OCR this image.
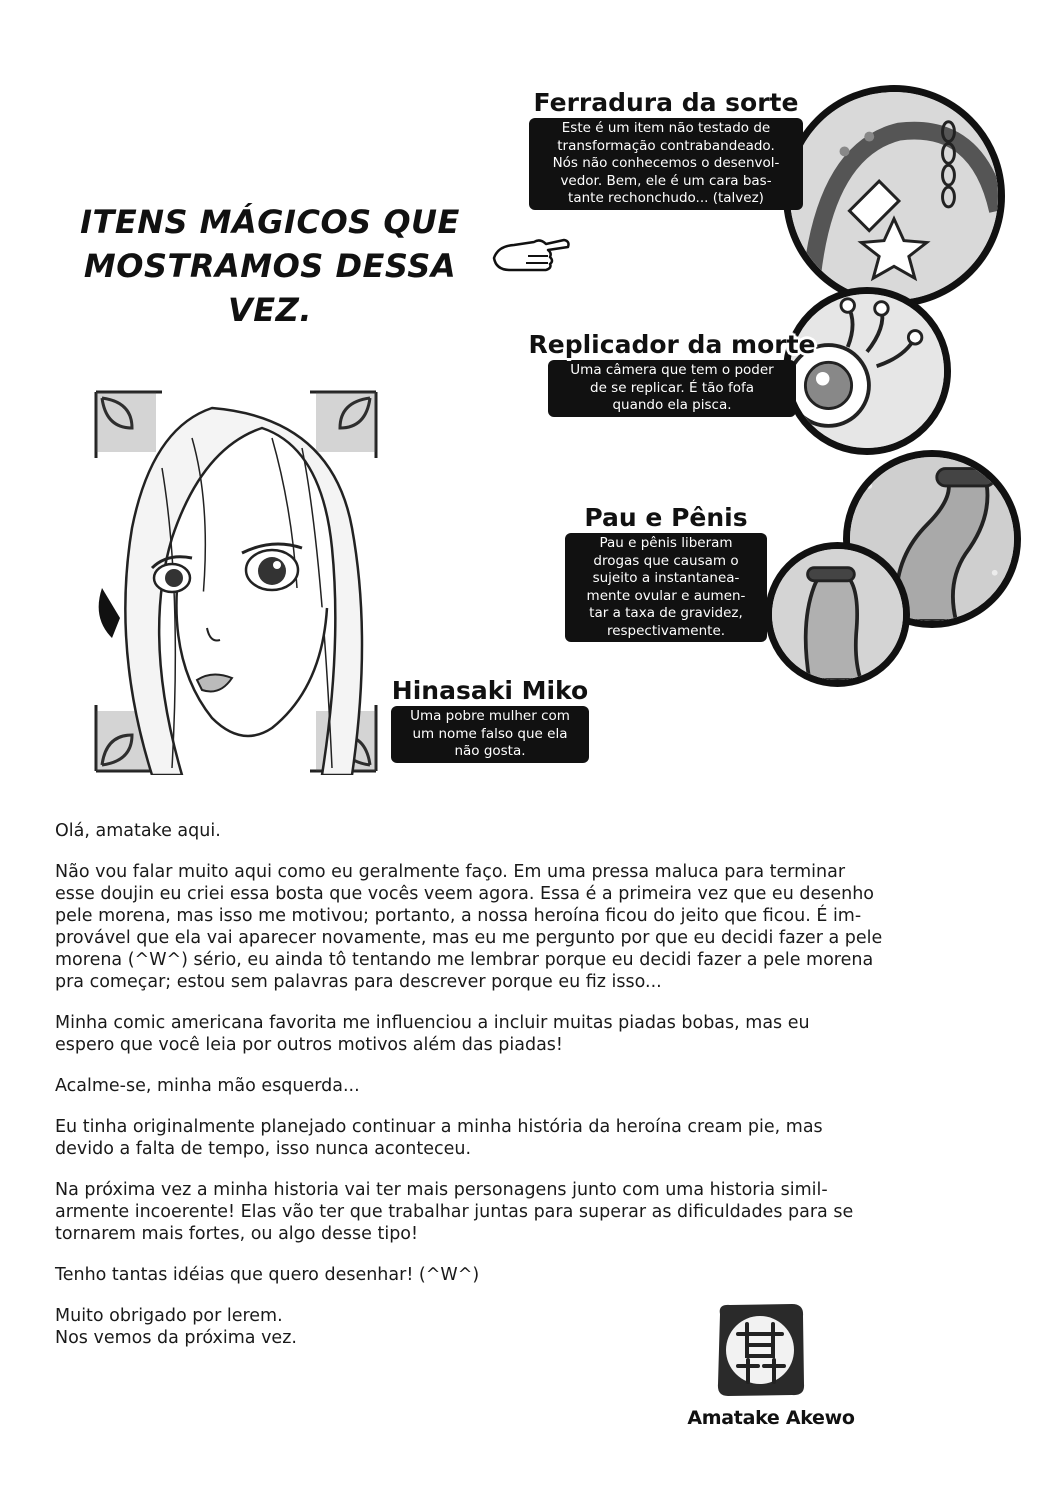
ITENS MÁGICOS QUE
MOSTRAMOS DESSA VEZ.
Ferradura da sorte
Este é um item não testado de
transformação contrabandeado.
Nós não conhecemos o desenvol-
vedor. Bem, ele é um cara bas-
tante rechonchudo... (talvez)
Replicador da morte
Uma câmera que tem o poder
de se replicar. É tão fofa
quando ela pisca.
Pau e Pênis
Pau e pênis liberam
drogas que causam o
sujeito a instantanea-
mente ovular e aumen-
tar a taxa de gravidez,
respectivamente.
Hinasaki Miko
Uma pobre mulher com
um nome falso que ela
não gosta.

Olá, amatake aqui.

Não vou falar muito aqui como eu geralmente faço. Em uma pressa maluca para terminar
esse doujin eu criei essa bosta que vocês veem agora. Essa é a primeira vez que eu desenho
pele morena, mas isso me motivou; portanto, a nossa heroína ficou do jeito que ficou. É im-
provável que ela vai aparecer novamente, mas eu me pergunto por que eu decidi fazer a pele
morena (^W^) sério, eu ainda tô tentando me lembrar porque eu decidi fazer a pele morena
pra começar; estou sem palavras para descrever porque eu fiz isso...

Minha comic americana favorita me influenciou a incluir muitas piadas bobas, mas eu
espero que você leia por outros motivos além das piadas!

Acalme-se, minha mão esquerda...

Eu tinha originalmente planejado continuar a minha história da heroína cream pie, mas
devido a falta de tempo, isso nunca aconteceu.

Na próxima vez a minha historia vai ter mais personagens junto com uma historia simil-
armente incoerente! Elas vão ter que trabalhar juntas para superar as dificuldades para se
tornarem mais fortes, ou algo desse tipo!

Tenho tantas idéias que quero desenhar! (^W^)

Muito obrigado por lerem.
Nos vemos da próxima vez.

Amatake Akewo
